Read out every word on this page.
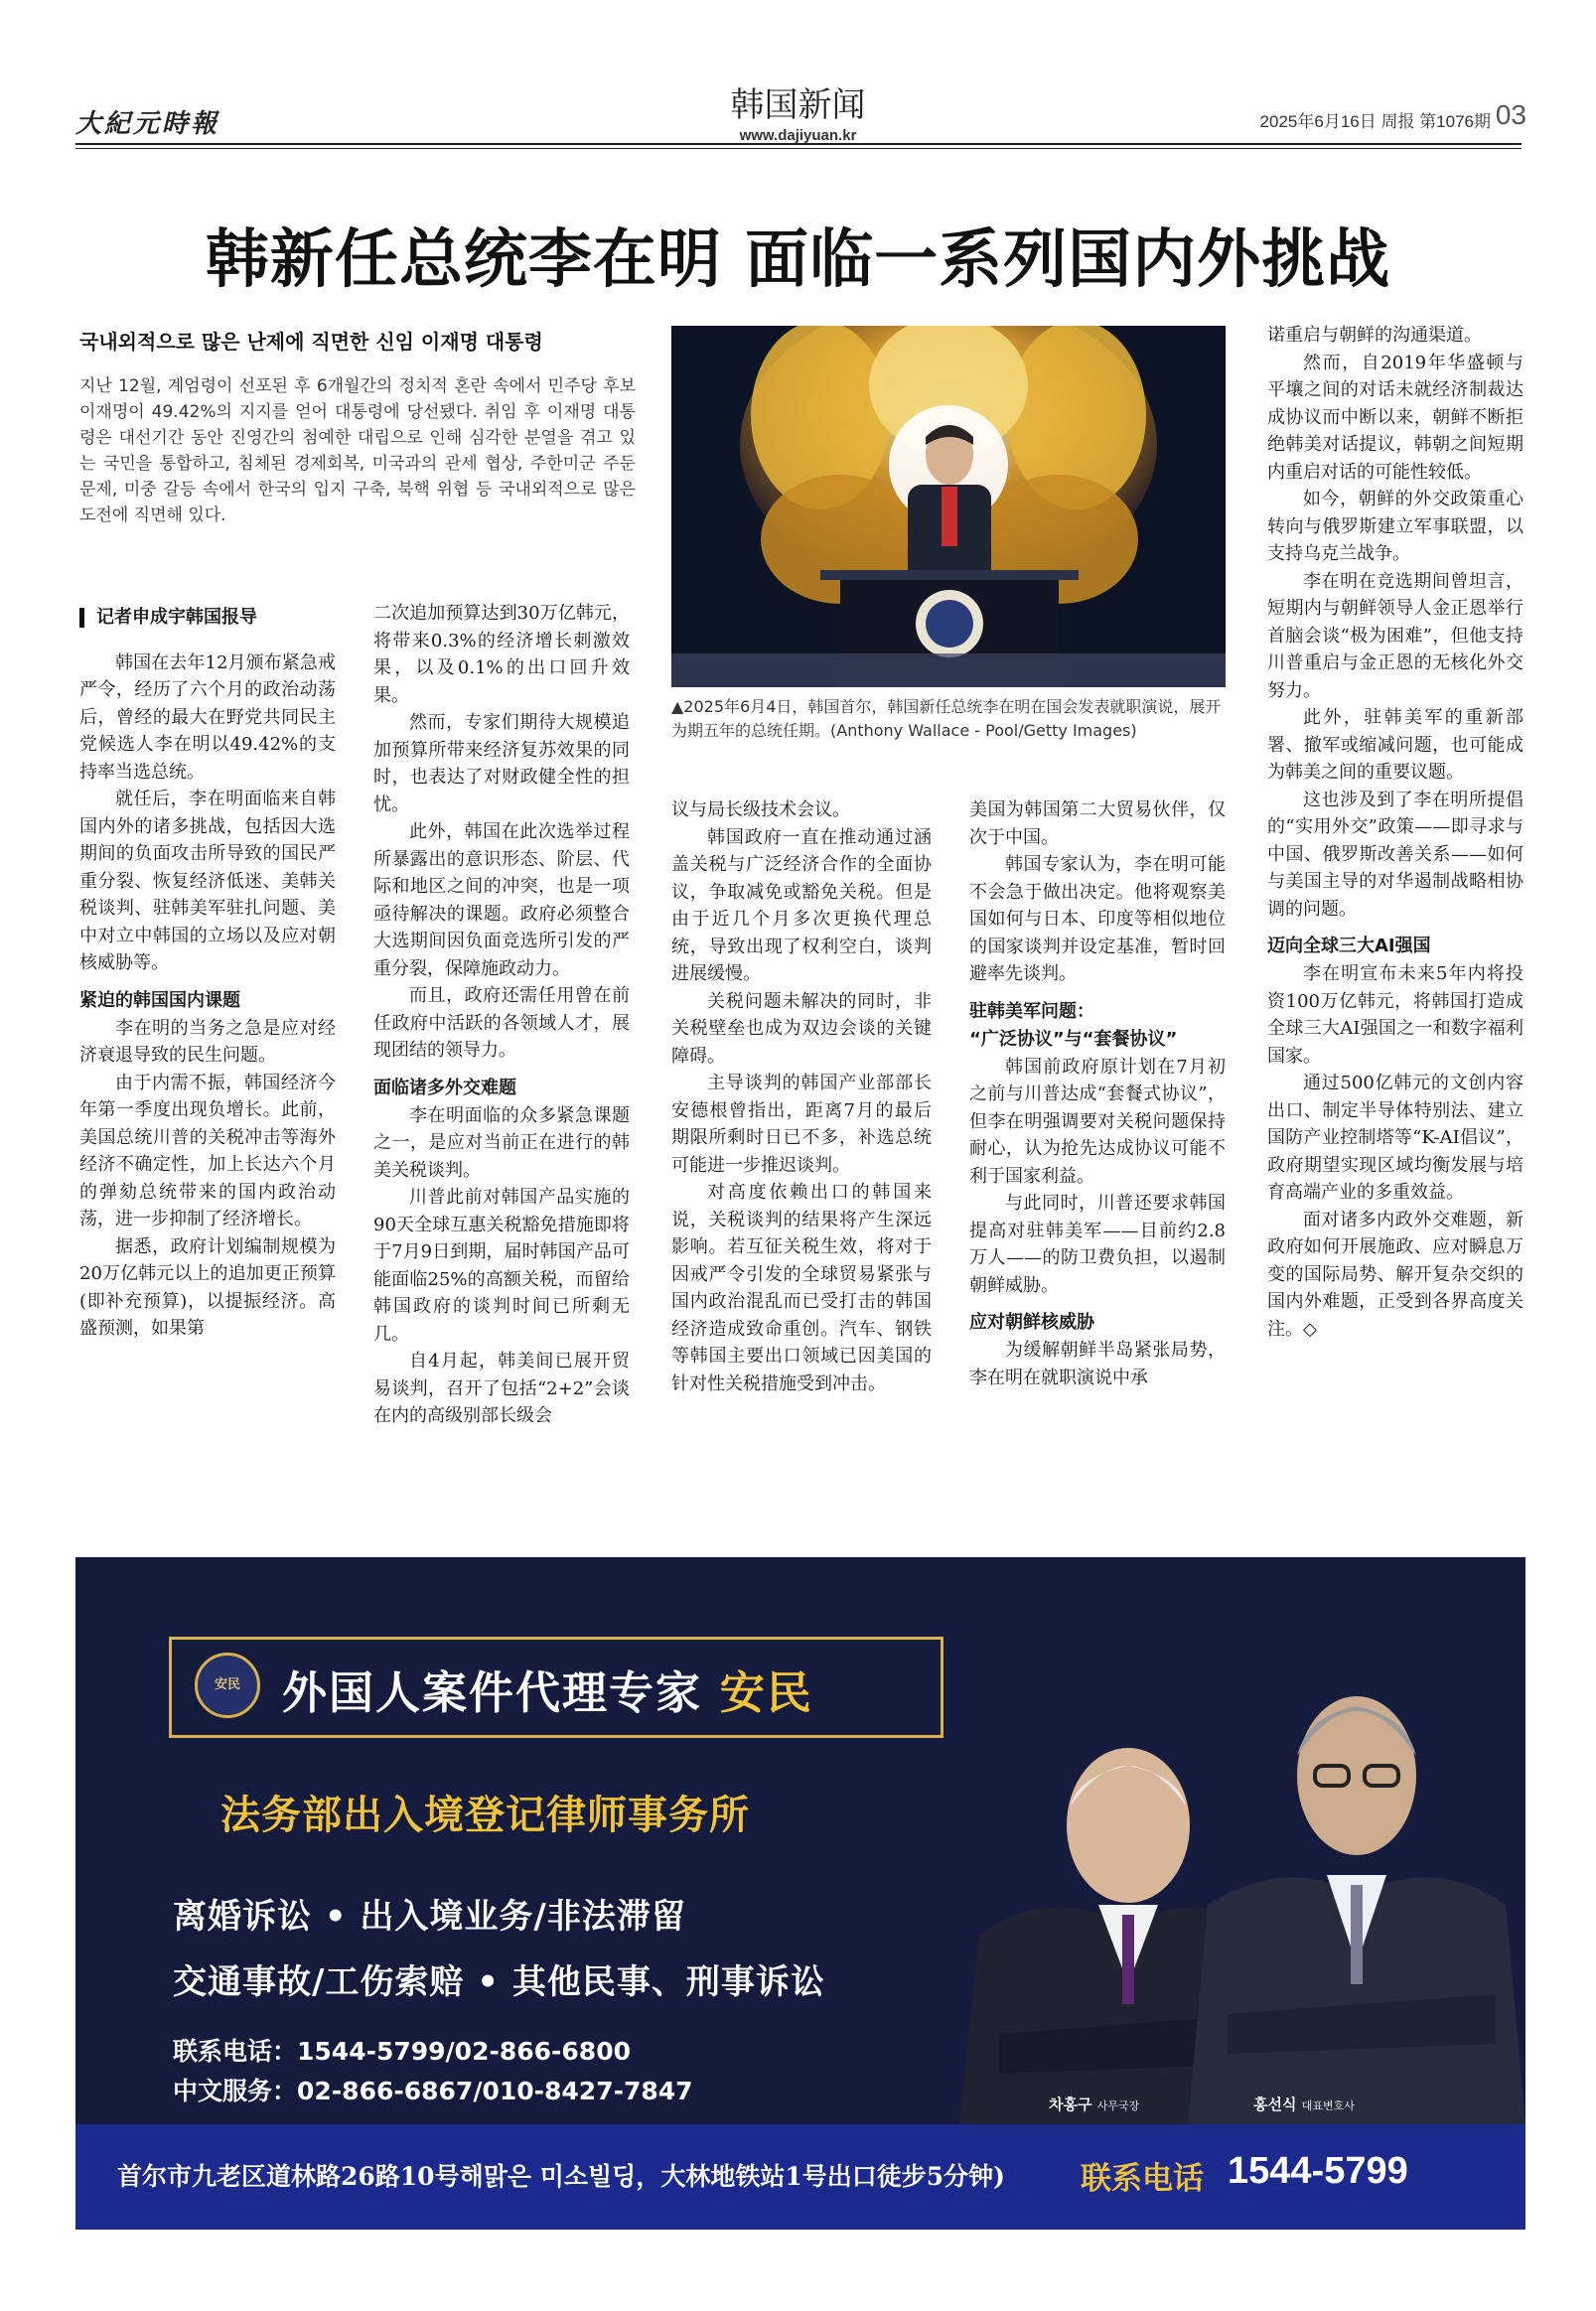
大紀元時報	韩国新闻
www.dajiyuan.kr
2025年6月16日 周报 第1076期 03
韩新任总统李在明 面临一系列国内外挑战
국내외적으로 많은 난제에 직면한 신임 이재명 대통령
지난 12월, 계엄령이 선포된 후 6개월간의 정치적 혼란 속에서 민주당 후보 이재명이 49.42%의 지지를 얻어 대통령에 당선됐다. 취임 후 이재명 대통령은 대선기간 동안 진영간의 첨예한 대립으로 인해 심각한 분열을 겪고 있는 국민을 통합하고, 침체된 경제회복, 미국과의 관세 협상, 주한미군 주둔 문제, 미중 갈등 속에서 한국의 입지 구축, 북핵 위협 등 국내외적으로 많은 도전에 직면해 있다.
记者申成宇韩国报导

韩国在去年12月颁布紧急戒严令，经历了六个月的政治动荡后，曾经的最大在野党共同民主党候选人李在明以49.42%的支持率当选总统。

就任后，李在明面临来自韩国内外的诸多挑战，包括因大选期间的负面攻击所导致的国民严重分裂、恢复经济低迷、美韩关税谈判、驻韩美军驻扎问题、美中对立中韩国的立场以及应对朝核威胁等。

紧迫的韩国国内课题

李在明的当务之急是应对经济衰退导致的民生问题。

由于内需不振，韩国经济今年第一季度出现负增长。此前，美国总统川普的关税冲击等海外经济不确定性，加上长达六个月的弹劾总统带来的国内政治动荡，进一步抑制了经济增长。

据悉，政府计划编制规模为20万亿韩元以上的追加更正预算(即补充预算)，以提振经济。高盛预测，如果第

二次追加预算达到30万亿韩元，将带来0.3%的经济增长刺激效果，以及0.1%的出口回升效果。

然而，专家们期待大规模追加预算所带来经济复苏效果的同时，也表达了对财政健全性的担忧。

此外，韩国在此次选举过程所暴露出的意识形态、阶层、代际和地区之间的冲突，也是一项亟待解决的课题。政府必须整合大选期间因负面竞选所引发的严重分裂，保障施政动力。

而且，政府还需任用曾在前任政府中活跃的各领域人才，展现团结的领导力。

面临诸多外交难题

李在明面临的众多紧急课题之一，是应对当前正在进行的韩美关税谈判。

川普此前对韩国产品实施的90天全球互惠关税豁免措施即将于7月9日到期，届时韩国产品可能面临25%的高额关税，而留给韩国政府的谈判时间已所剩无几。

自4月起，韩美间已展开贸易谈判，召开了包括“2+2”会谈在内的高级别部长级会

▲2025年6月4日，韩国首尔，韩国新任总统李在明在国会发表就职演说，展开为期五年的总统任期。(Anthony Wallace - Pool/Getty Images)

议与局长级技术会议。

韩国政府一直在推动通过涵盖关税与广泛经济合作的全面协议，争取减免或豁免关税。但是由于近几个月多次更换代理总统，导致出现了权利空白，谈判进展缓慢。

关税问题未解决的同时，非关税壁垒也成为双边会谈的关键障碍。

主导谈判的韩国产业部部长安德根曾指出，距离7月的最后期限所剩时日已不多，补选总统可能进一步推迟谈判。

对高度依赖出口的韩国来说，关税谈判的结果将产生深远影响。若互征关税生效，将对于因戒严令引发的全球贸易紧张与国内政治混乱而已受打击的韩国经济造成致命重创。汽车、钢铁等韩国主要出口领域已因美国的针对性关税措施受到冲击。

美国为韩国第二大贸易伙伴，仅次于中国。

韩国专家认为，李在明可能不会急于做出决定。他将观察美国如何与日本、印度等相似地位的国家谈判并设定基准，暂时回避率先谈判。

驻韩美军问题：
“广泛协议”与“套餐协议”

韩国前政府原计划在7月初之前与川普达成“套餐式协议”，但李在明强调要对关税问题保持耐心，认为抢先达成协议可能不利于国家利益。

与此同时，川普还要求韩国提高对驻韩美军——目前约2.8万人——的防卫费负担，以遏制朝鲜威胁。

应对朝鲜核威胁

为缓解朝鲜半岛紧张局势，李在明在就职演说中承

诺重启与朝鲜的沟通渠道。

然而，自2019年华盛顿与平壤之间的对话未就经济制裁达成协议而中断以来，朝鲜不断拒绝韩美对话提议，韩朝之间短期内重启对话的可能性较低。

如今，朝鲜的外交政策重心转向与俄罗斯建立军事联盟，以支持乌克兰战争。

李在明在竞选期间曾坦言，短期内与朝鲜领导人金正恩举行首脑会谈“极为困难”，但他支持川普重启与金正恩的无核化外交努力。

此外，驻韩美军的重新部署、撤军或缩减问题，也可能成为韩美之间的重要议题。

这也涉及到了李在明所提倡的“实用外交”政策——即寻求与中国、俄罗斯改善关系——如何与美国主导的对华遏制战略相协调的问题。

迈向全球三大AI强国

李在明宣布未来5年内将投资100万亿韩元，将韩国打造成全球三大AI强国之一和数字福利国家。

通过500亿韩元的文创内容出口、制定半导体特别法、建立国防产业控制塔等“K-AI倡议”，政府期望实现区域均衡发展与培育高端产业的多重效益。

面对诸多内政外交难题，新政府如何开展施政、应对瞬息万变的国际局势、解开复杂交织的国内外难题，正受到各界高度关注。◇

安民 外国人案件代理专家 安民
法务部出入境登记律师事务所
离婚诉讼 • 出入境业务/非法滞留
交通事故/工伤索赔 • 其他民事、刑事诉讼
联系电话：1544-5799/02-866-6800
中文服务：02-866-6867/010-8427-7847	차홍구 사무국장	홍선식 대표변호사
首尔市九老区道林路26路10号해맑은 미소빌딩，大林地铁站1号出口徒步5分钟) 联系电话 1544-5799
